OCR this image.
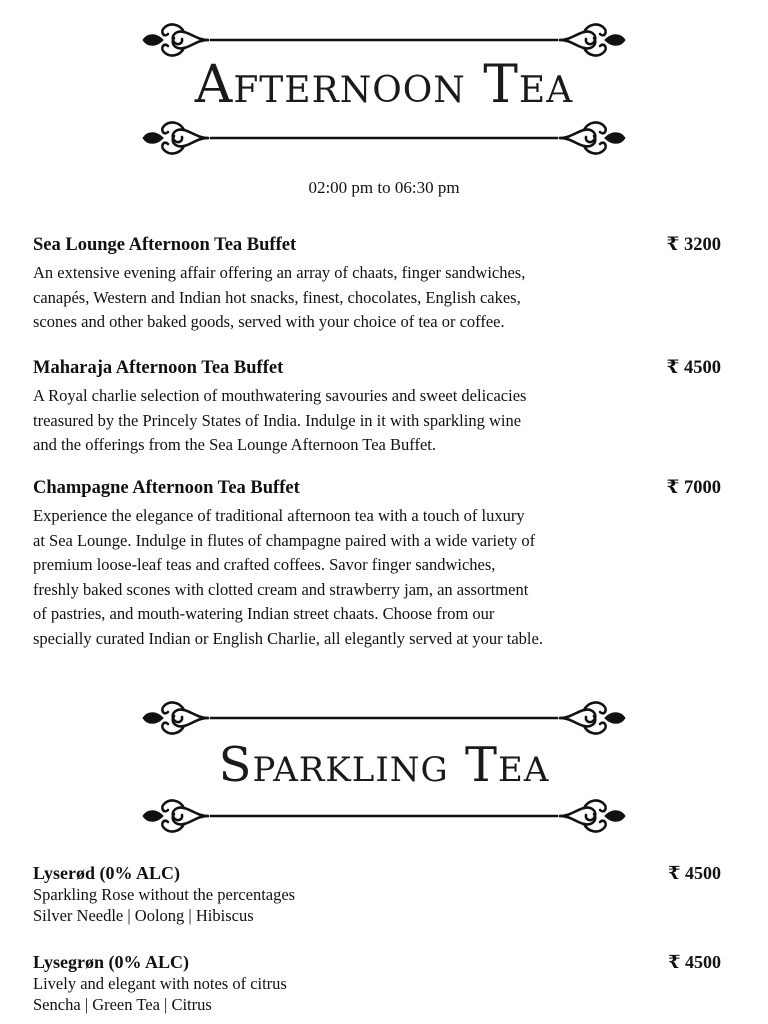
Afternoon Tea
02:00 pm to 06:30 pm
Sea Lounge Afternoon Tea Buffet	₹ 3200
An extensive evening affair offering an array of chaats, finger sandwiches,
canapés, Western and Indian hot snacks, finest, chocolates, English cakes,
scones and other baked goods, served with your choice of tea or coffee.
Maharaja Afternoon Tea Buffet	₹ 4500
A Royal charlie selection of mouthwatering savouries and sweet delicacies
treasured by the Princely States of India. Indulge in it with sparkling wine
and the offerings from the Sea Lounge Afternoon Tea Buffet.
Champagne Afternoon Tea Buffet	₹ 7000
Experience the elegance of traditional afternoon tea with a touch of luxury
at Sea Lounge. Indulge in flutes of champagne paired with a wide variety of
premium loose-leaf teas and crafted coffees. Savor finger sandwiches,
freshly baked scones with clotted cream and strawberry jam, an assortment
of pastries, and mouth-watering Indian street chaats. Choose from our
specially curated Indian or English Charlie, all elegantly served at your table.
Sparkling Tea
Lyserød (0% ALC)	₹ 4500
Sparkling Rose without the percentages
Silver Needle | Oolong | Hibiscus
Lysegrøn (0% ALC)	₹ 4500
Lively and elegant with notes of citrus
Sencha | Green Tea | Citrus
